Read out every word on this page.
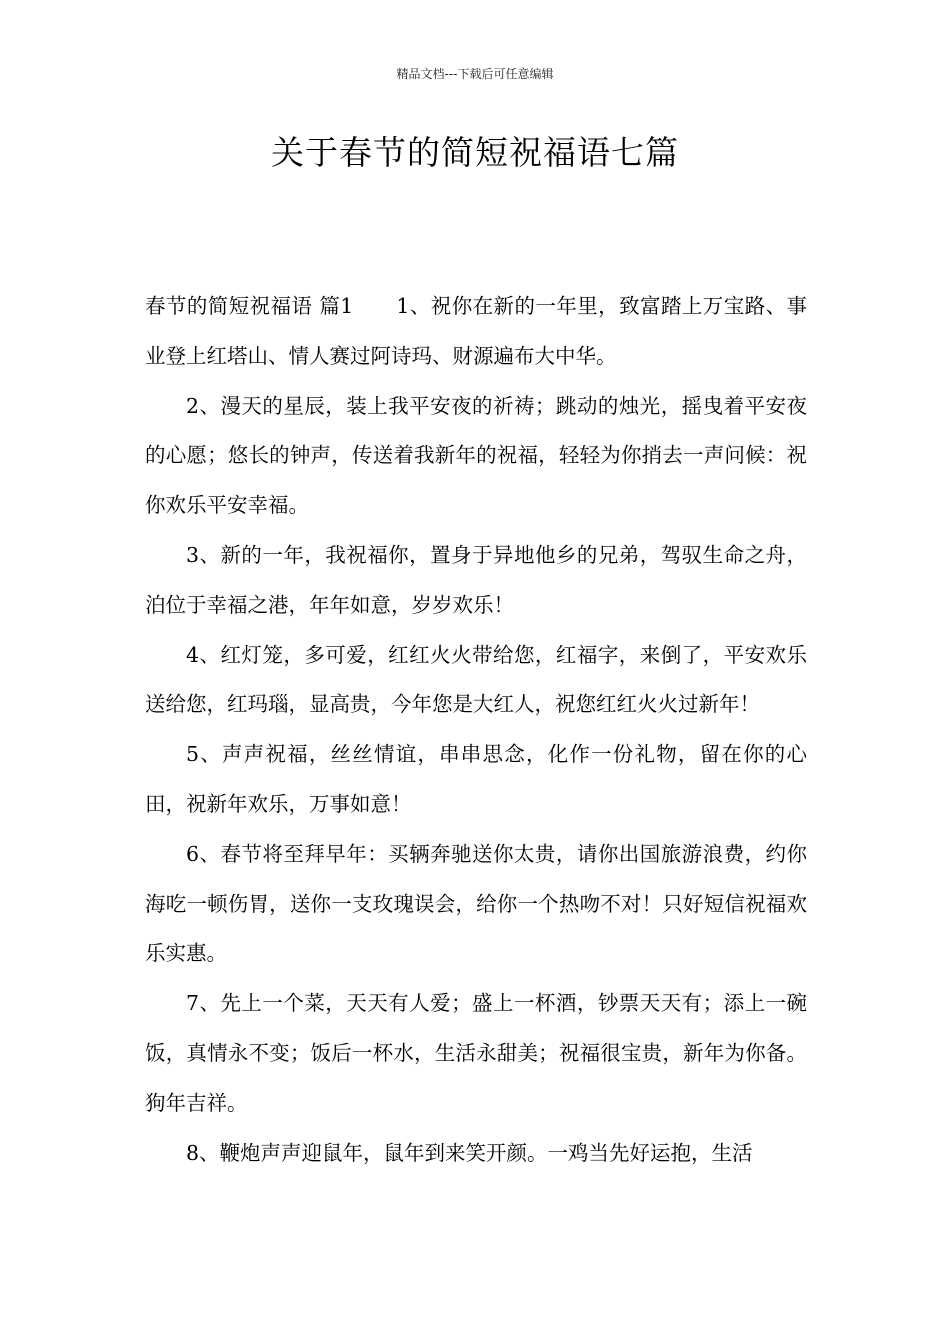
精品文档---下载后可任意编辑
关于春节的简短祝福语七篇

春节的简短祝福语 篇1 1、祝你在新的一年里，致富踏上万宝路、事业登上红塔山、情人赛过阿诗玛、财源遍布大中华。

2、漫天的星辰，装上我平安夜的祈祷；跳动的烛光，摇曳着平安夜的心愿；悠长的钟声，传送着我新年的祝福，轻轻为你捎去一声问候：祝你欢乐平安幸福。

3、新的一年，我祝福你，置身于异地他乡的兄弟，驾驭生命之舟，泊位于幸福之港，年年如意，岁岁欢乐！

4、红灯笼，多可爱，红红火火带给您，红福字，来倒了，平安欢乐送给您，红玛瑙，显高贵，今年您是大红人，祝您红红火火过新年！

5、声声祝福，丝丝情谊，串串思念，化作一份礼物，留在你的心田，祝新年欢乐，万事如意！

6、春节将至拜早年：买辆奔驰送你太贵，请你出国旅游浪费，约你海吃一顿伤胃，送你一支玫瑰误会，给你一个热吻不对！只好短信祝福欢乐实惠。

7、先上一个菜，天天有人爱；盛上一杯酒，钞票天天有；添上一碗饭，真情永不变；饭后一杯水，生活永甜美；祝福很宝贵，新年为你备。狗年吉祥。

8、鞭炮声声迎鼠年，鼠年到来笑开颜。一鸡当先好运抱，生活
